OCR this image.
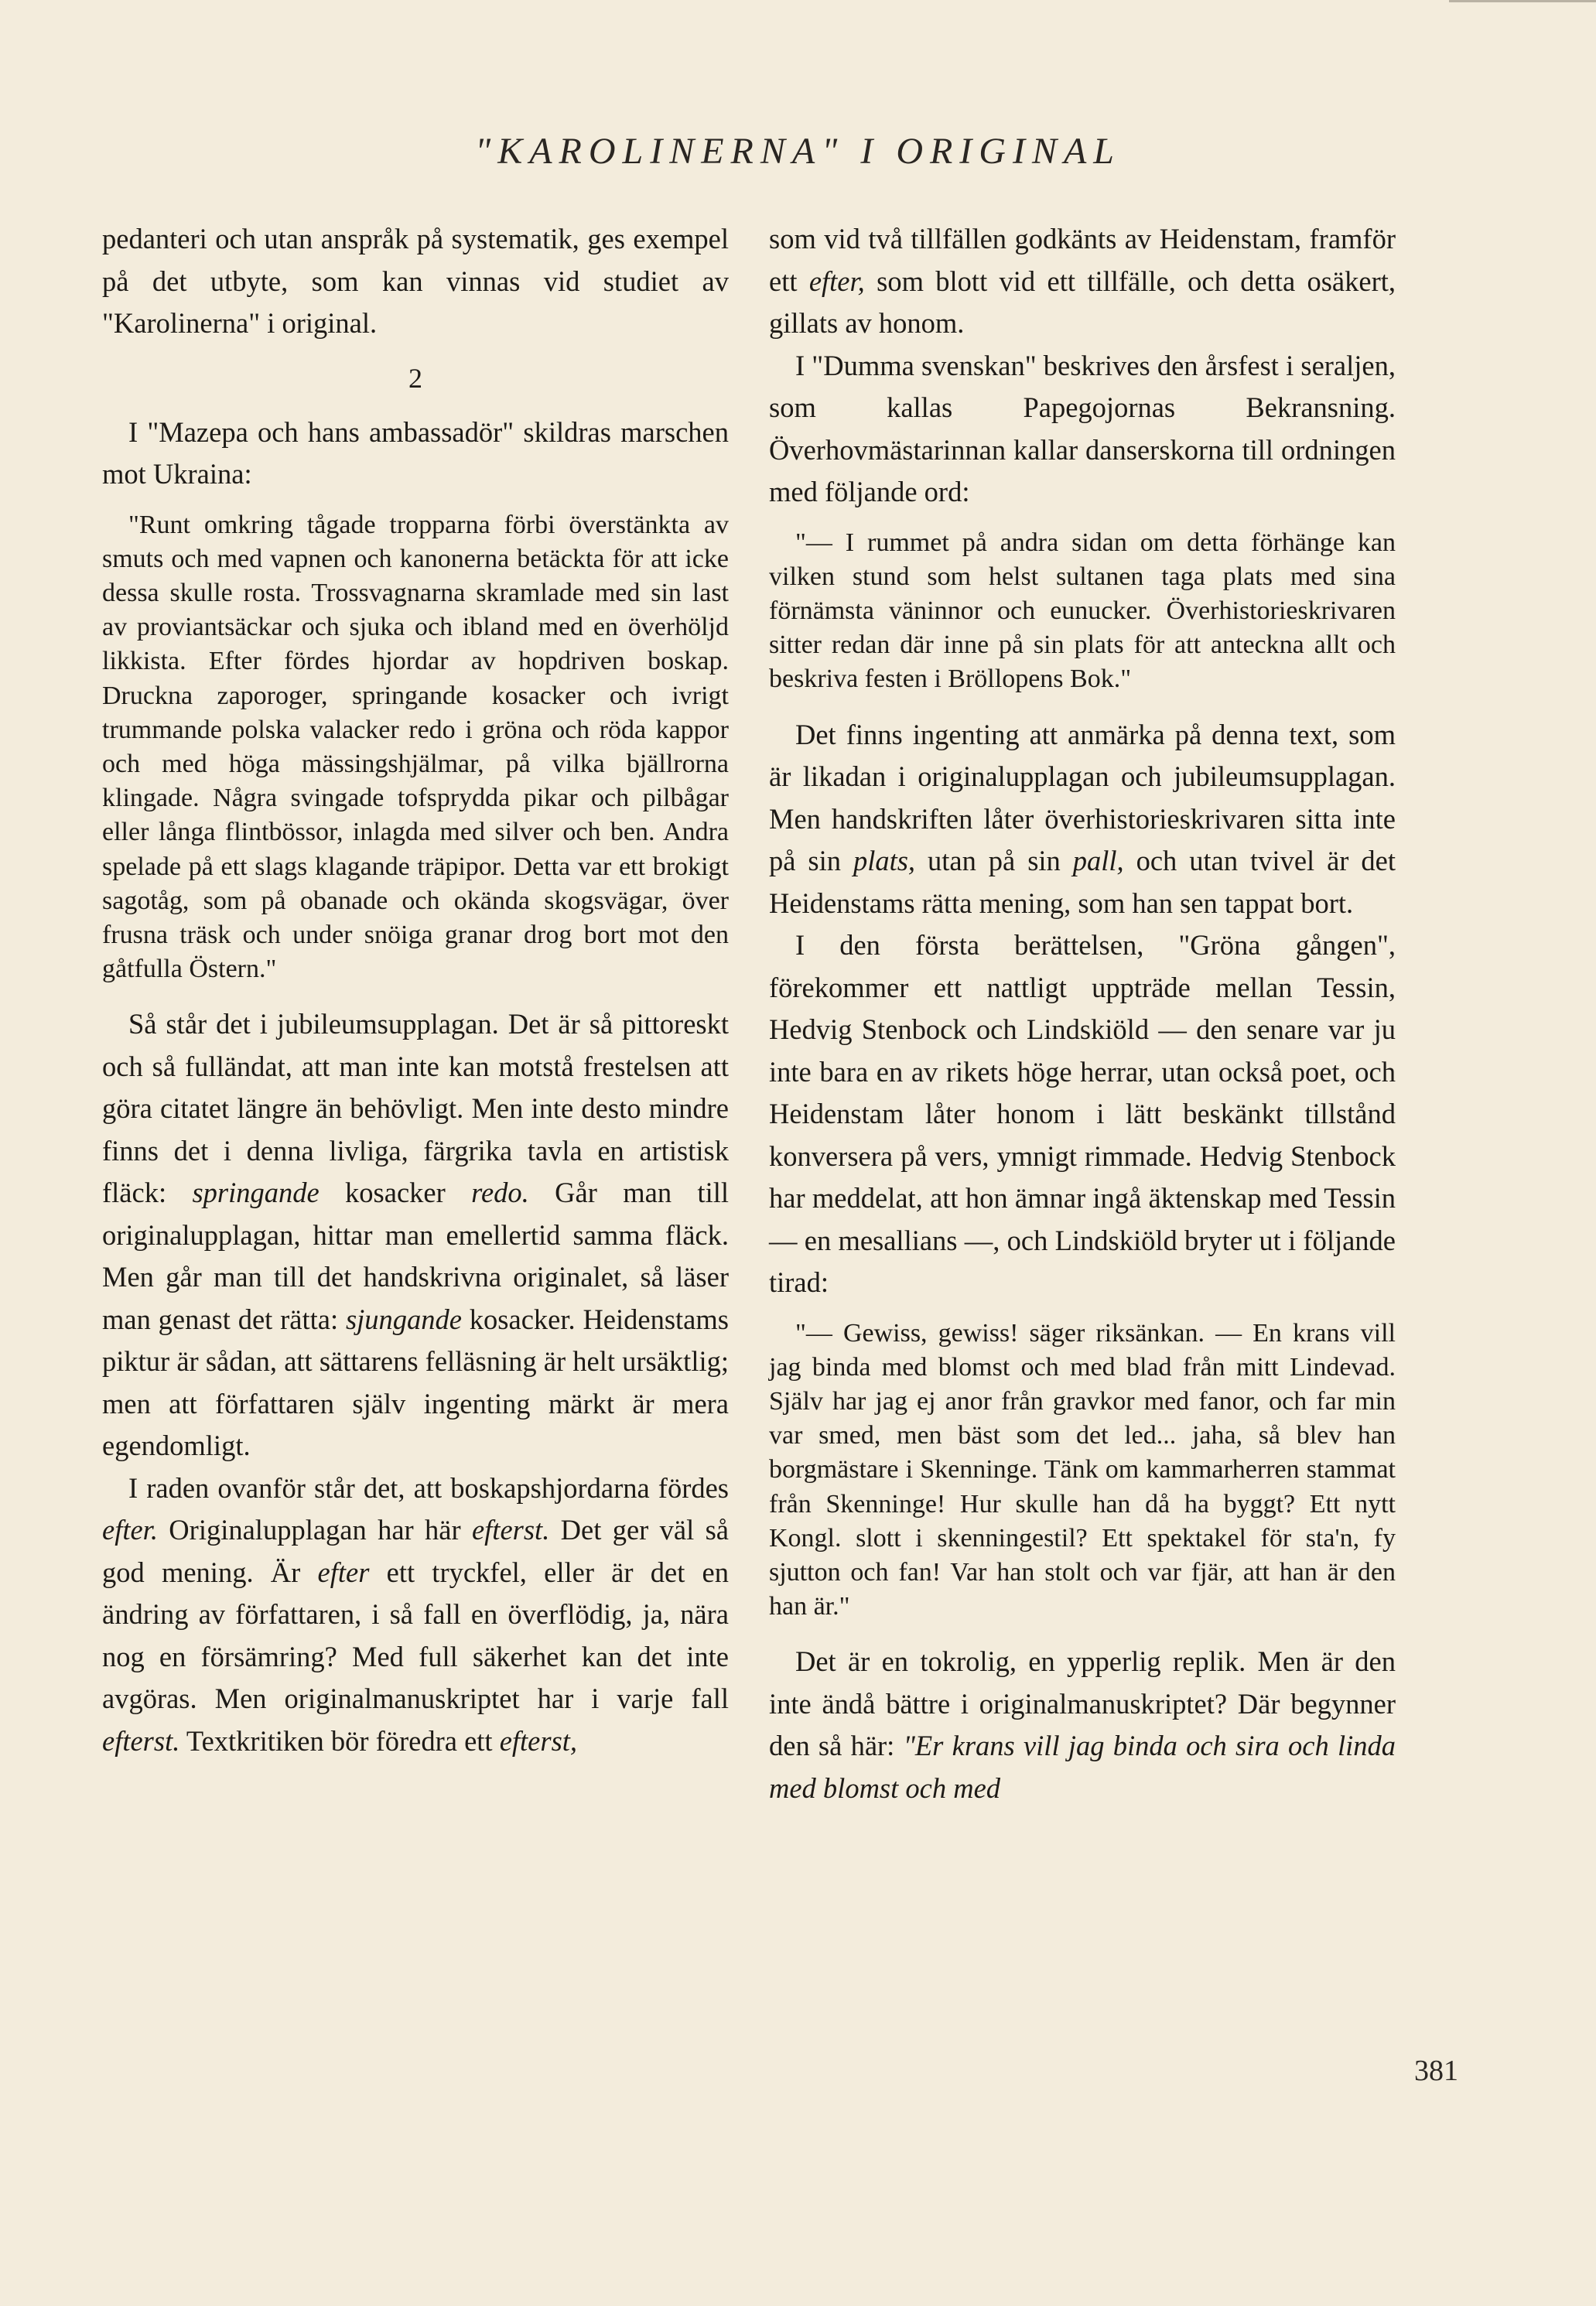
"KAROLINERNA" I ORIGINAL

pedanteri och utan anspråk på systematik, ges exempel på det utbyte, som kan vinnas vid studiet av "Karolinerna" i original.

2

I "Mazepa och hans ambassadör" skildras marschen mot Ukraina:

"Runt omkring tågade tropparna förbi överstänkta av smuts och med vapnen och kanonerna betäckta för att icke dessa skulle rosta. Trossvagnarna skramlade med sin last av proviantsäckar och sjuka och ibland med en överhöljd likkista. Efter fördes hjordar av hopdriven boskap. Druckna zaporoger, springande kosacker och ivrigt trummande polska valacker redo i gröna och röda kappor och med höga mässingshjälmar, på vilka bjällrorna klingade. Några svingade tofsprydda pikar och pilbågar eller långa flintbössor, inlagda med silver och ben. Andra spelade på ett slags klagande träpipor. Detta var ett brokigt sagotåg, som på obanade och okända skogsvägar, över frusna träsk och under snöiga granar drog bort mot den gåtfulla Östern."

Så står det i jubileumsupplagan. Det är så pittoreskt och så fulländat, att man inte kan motstå frestelsen att göra citatet längre än behövligt. Men inte desto mindre finns det i denna livliga, färgrika tavla en artistisk fläck: springande kosacker redo. Går man till originalupplagan, hittar man emellertid samma fläck. Men går man till det handskrivna originalet, så läser man genast det rätta: sjungande kosacker. Heidenstams piktur är sådan, att sättarens felläsning är helt ursäktlig; men att författaren själv ingenting märkt är mera egendomligt.

I raden ovanför står det, att boskapshjordarna fördes efter. Originalupplagan har här efterst. Det ger väl så god mening. Är efter ett tryckfel, eller är det en ändring av författaren, i så fall en överflödig, ja, nära nog en försämring? Med full säkerhet kan det inte avgöras. Men originalmanuskriptet har i varje fall efterst. Textkritiken bör föredra ett efterst,

som vid två tillfällen godkänts av Heidenstam, framför ett efter, som blott vid ett tillfälle, och detta osäkert, gillats av honom.

I "Dumma svenskan" beskrives den årsfest i seraljen, som kallas Papegojornas Bekransning. Överhovmästarinnan kallar danserskorna till ordningen med följande ord:

"— I rummet på andra sidan om detta förhänge kan vilken stund som helst sultanen taga plats med sina förnämsta väninnor och eunucker. Överhistorieskrivaren sitter redan där inne på sin plats för att anteckna allt och beskriva festen i Bröllopens Bok."

Det finns ingenting att anmärka på denna text, som är likadan i originalupplagan och jubileumsupplagan. Men handskriften låter överhistorieskrivaren sitta inte på sin plats, utan på sin pall, och utan tvivel är det Heidenstams rätta mening, som han sen tappat bort.

I den första berättelsen, "Gröna gången", förekommer ett nattligt uppträde mellan Tessin, Hedvig Stenbock och Lindskiöld — den senare var ju inte bara en av rikets höge herrar, utan också poet, och Heidenstam låter honom i lätt beskänkt tillstånd konversera på vers, ymnigt rimmade. Hedvig Stenbock har meddelat, att hon ämnar ingå äktenskap med Tessin — en mesallians —, och Lindskiöld bryter ut i följande tirad:

"— Gewiss, gewiss! säger riksänkan. — En krans vill jag binda med blomst och med blad från mitt Lindevad. Själv har jag ej anor från gravkor med fanor, och far min var smed, men bäst som det led... jaha, så blev han borgmästare i Skenninge. Tänk om kammarherren stammat från Skenninge! Hur skulle han då ha byggt? Ett nytt Kongl. slott i skenningestil? Ett spektakel för sta'n, fy sjutton och fan! Var han stolt och var fjär, att han är den han är."

Det är en tokrolig, en ypperlig replik. Men är den inte ändå bättre i originalmanuskriptet? Där begynner den så här: "Er krans vill jag binda och sira och linda med blomst och med

381
